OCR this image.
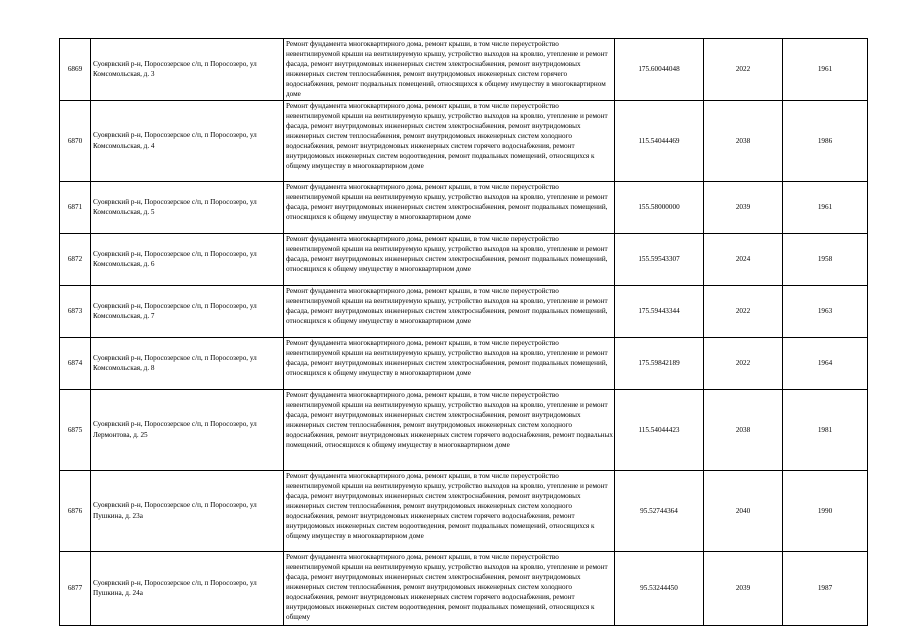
6869	Суоярвский р-н, Поросозерское с/п, п Поросозеро, ул Комсомольская, д. 3	Ремонт фундамента многоквартирного дома, ремонт крыши, в том числе переустройство невентилируемой крыши на вентилируемую крышу, устройство выходов на кровлю, утепление и ремонт фасада, ремонт внутридомовых инженерных систем электроснабжения, ремонт внутридомовых инженерных систем теплоснабжения, ремонт внутридомовых инженерных систем горячего водоснабжения, ремонт подвальных помещений, относящихся к общему имуществу в многоквартирном доме	175.60044048	2022	1961
6870	Суоярвский р-н, Поросозерское с/п, п Поросозеро, ул Комсомольская, д. 4	Ремонт фундамента многоквартирного дома, ремонт крыши, в том числе переустройство невентилируемой крыши на вентилируемую крышу, устройство выходов на кровлю, утепление и ремонт фасада, ремонт внутридомовых инженерных систем электроснабжения, ремонт внутридомовых инженерных систем теплоснабжения, ремонт внутридомовых инженерных систем холодного водоснабжения, ремонт внутридомовых инженерных систем горячего водоснабжения, ремонт внутридомовых инженерных систем водоотведения, ремонт подвальных помещений, относящихся к общему имуществу в многоквартирном доме	115.54044469	2038	1986
6871	Суоярвский р-н, Поросозерское с/п, п Поросозеро, ул Комсомольская, д. 5	Ремонт фундамента многоквартирного дома, ремонт крыши, в том числе переустройство невентилируемой крыши на вентилируемую крышу, устройство выходов на кровлю, утепление и ремонт фасада, ремонт внутридомовых инженерных систем электроснабжения, ремонт подвальных помещений, относящихся к общему имуществу в многоквартирном доме	155.58000000	2039	1961
6872	Суоярвский р-н, Поросозерское с/п, п Поросозеро, ул Комсомольская, д. 6	Ремонт фундамента многоквартирного дома, ремонт крыши, в том числе переустройство невентилируемой крыши на вентилируемую крышу, устройство выходов на кровлю, утепление и ремонт фасада, ремонт внутридомовых инженерных систем электроснабжения, ремонт подвальных помещений, относящихся к общему имуществу в многоквартирном доме	155.59543307	2024	1958
6873	Суоярвский р-н, Поросозерское с/п, п Поросозеро, ул Комсомольская, д. 7	Ремонт фундамента многоквартирного дома, ремонт крыши, в том числе переустройство невентилируемой крыши на вентилируемую крышу, устройство выходов на кровлю, утепление и ремонт фасада, ремонт внутридомовых инженерных систем электроснабжения, ремонт подвальных помещений, относящихся к общему имуществу в многоквартирном доме	175.59443344	2022	1963
6874	Суоярвский р-н, Поросозерское с/п, п Поросозеро, ул Комсомольская, д. 8	Ремонт фундамента многоквартирного дома, ремонт крыши, в том числе переустройство невентилируемой крыши на вентилируемую крышу, устройство выходов на кровлю, утепление и ремонт фасада, ремонт внутридомовых инженерных систем электроснабжения, ремонт подвальных помещений, относящихся к общему имуществу в многоквартирном доме	175.59842189	2022	1964
6875	Суоярвский р-н, Поросозерское с/п, п Поросозеро, ул Лермонтова, д. 25	Ремонт фундамента многоквартирного дома, ремонт крыши, в том числе переустройство невентилируемой крыши на вентилируемую крышу, устройство выходов на кровлю, утепление и ремонт фасада, ремонт внутридомовых инженерных систем электроснабжения, ремонт внутридомовых инженерных систем теплоснабжения, ремонт внутридомовых инженерных систем холодного водоснабжения, ремонт внутридомовых инженерных систем горячего водоснабжения, ремонт подвальных помещений, относящихся к общему имуществу в многоквартирном доме	115.54044423	2038	1981
6876	Суоярвский р-н, Поросозерское с/п, п Поросозеро, ул Пушкина, д. 23а	Ремонт фундамента многоквартирного дома, ремонт крыши, в том числе переустройство невентилируемой крыши на вентилируемую крышу, устройство выходов на кровлю, утепление и ремонт фасада, ремонт внутридомовых инженерных систем электроснабжения, ремонт внутридомовых инженерных систем теплоснабжения, ремонт внутридомовых инженерных систем холодного водоснабжения, ремонт внутридомовых инженерных систем горячего водоснабжения, ремонт внутридомовых инженерных систем водоотведения, ремонт подвальных помещений, относящихся к общему имуществу в многоквартирном доме	95.52744364	2040	1990
6877	Суоярвский р-н, Поросозерское с/п, п Поросозеро, ул Пушкина, д. 24а	Ремонт фундамента многоквартирного дома, ремонт крыши, в том числе переустройство невентилируемой крыши на вентилируемую крышу, устройство выходов на кровлю, утепление и ремонт фасада, ремонт внутридомовых инженерных систем электроснабжения, ремонт внутридомовых инженерных систем теплоснабжения, ремонт внутридомовых инженерных систем холодного водоснабжения, ремонт внутридомовых инженерных систем горячего водоснабжения, ремонт внутридомовых инженерных систем водоотведения, ремонт подвальных помещений, относящихся к общему	95.53244450	2039	1987
